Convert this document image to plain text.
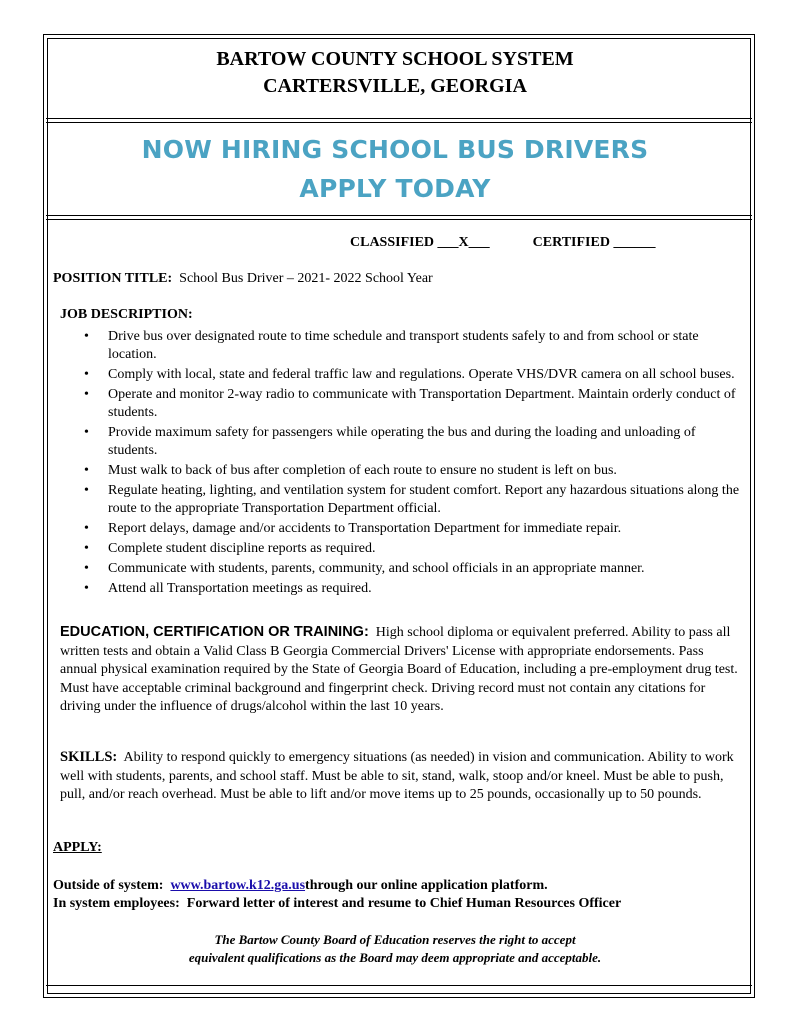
BARTOW COUNTY SCHOOL SYSTEM
CARTERSVILLE, GEORGIA
NOW HIRING SCHOOL BUS DRIVERS
APPLY TODAY
CLASSIFIED ___X___	CERTIFIED ______
POSITION TITLE: School Bus Driver – 2021- 2022 School Year
JOB DESCRIPTION:
• Drive bus over designated route to time schedule and transport students safely to and from school or state location.
• Comply with local, state and federal traffic law and regulations. Operate VHS/DVR camera on all school buses.
• Operate and monitor 2-way radio to communicate with Transportation Department. Maintain orderly conduct of students.
• Provide maximum safety for passengers while operating the bus and during the loading and unloading of students.
• Must walk to back of bus after completion of each route to ensure no student is left on bus.
• Regulate heating, lighting, and ventilation system for student comfort. Report any hazardous situations along the route to the appropriate Transportation Department official.
• Report delays, damage and/or accidents to Transportation Department for immediate repair.
• Complete student discipline reports as required.
• Communicate with students, parents, community, and school officials in an appropriate manner.
• Attend all Transportation meetings as required.
EDUCATION, CERTIFICATION OR TRAINING: High school diploma or equivalent preferred. Ability to pass all written tests and obtain a Valid Class B Georgia Commercial Drivers' License with appropriate endorsements. Pass annual physical examination required by the State of Georgia Board of Education, including a pre-employment drug test. Must have acceptable criminal background and fingerprint check. Driving record must not contain any citations for driving under the influence of drugs/alcohol within the last 10 years.
SKILLS: Ability to respond quickly to emergency situations (as needed) in vision and communication. Ability to work well with students, parents, and school staff. Must be able to sit, stand, walk, stoop and/or kneel. Must be able to push, pull, and/or reach overhead. Must be able to lift and/or move items up to 25 pounds, occasionally up to 50 pounds.
APPLY:
Outside of system: www.bartow.k12.ga.usthrough our online application platform.
In system employees: Forward letter of interest and resume to Chief Human Resources Officer
The Bartow County Board of Education reserves the right to accept
equivalent qualifications as the Board may deem appropriate and acceptable.
